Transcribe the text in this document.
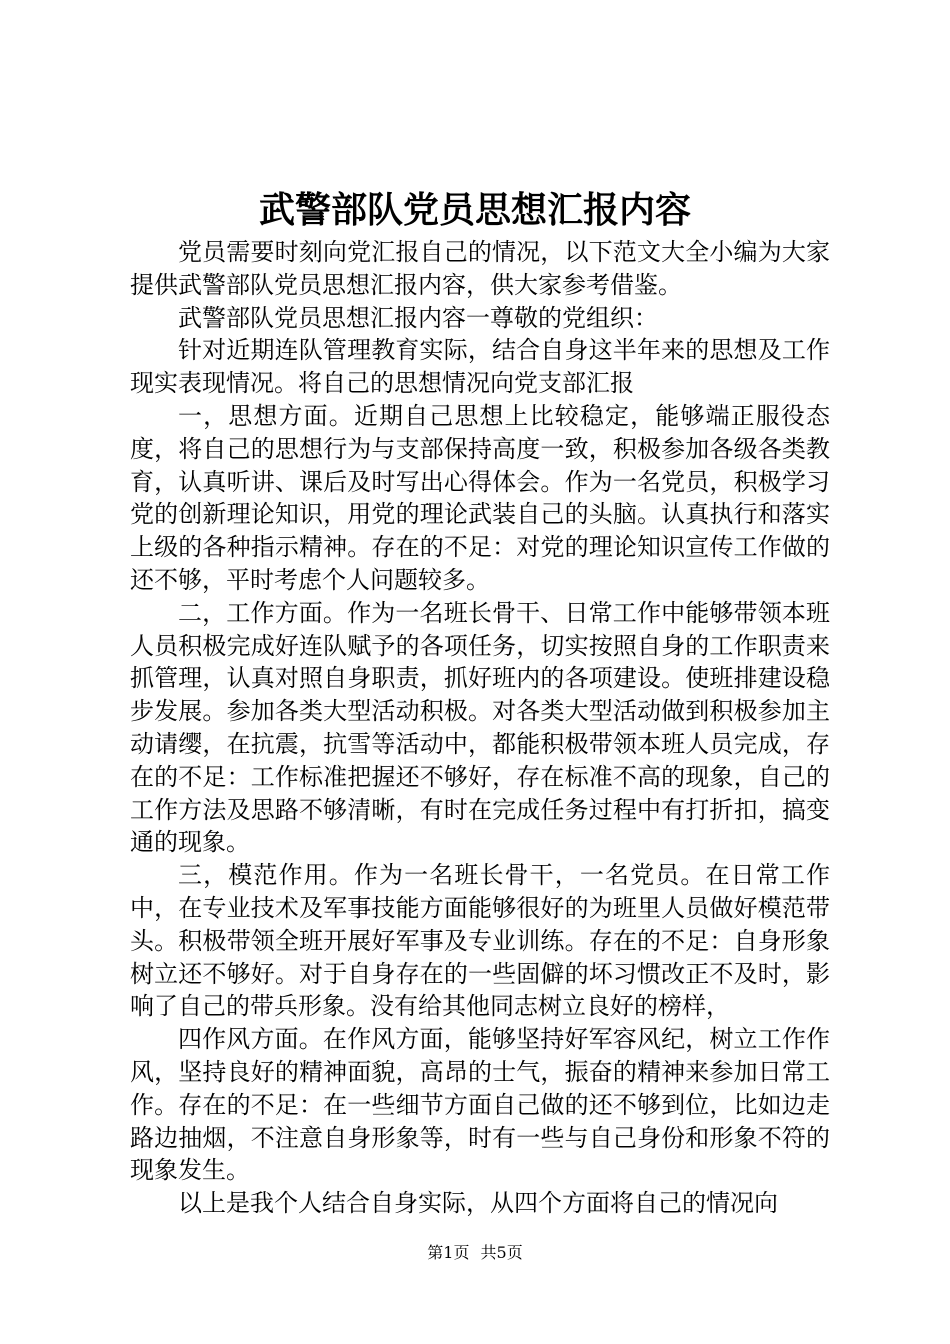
武警部队党员思想汇报内容

党员需要时刻向党汇报自己的情况，以下范文大全小编为大家提供武警部队党员思想汇报内容，供大家参考借鉴。

武警部队党员思想汇报内容一尊敬的党组织：

针对近期连队管理教育实际，结合自身这半年来的思想及工作现实表现情况。将自己的思想情况向党支部汇报

一，思想方面。近期自己思想上比较稳定，能够端正服役态度，将自己的思想行为与支部保持高度一致，积极参加各级各类教育，认真听讲、课后及时写出心得体会。作为一名党员，积极学习党的创新理论知识，用党的理论武装自己的头脑。认真执行和落实上级的各种指示精神。存在的不足：对党的理论知识宣传工作做的还不够，平时考虑个人问题较多。

二，工作方面。作为一名班长骨干、日常工作中能够带领本班人员积极完成好连队赋予的各项任务，切实按照自身的工作职责来抓管理，认真对照自身职责，抓好班内的各项建设。使班排建设稳步发展。参加各类大型活动积极。对各类大型活动做到积极参加主动请缨，在抗震，抗雪等活动中，都能积极带领本班人员完成，存在的不足：工作标准把握还不够好，存在标准不高的现象，自己的工作方法及思路不够清晰，有时在完成任务过程中有打折扣，搞变通的现象。

三，模范作用。作为一名班长骨干，一名党员。在日常工作中，在专业技术及军事技能方面能够很好的为班里人员做好模范带头。积极带领全班开展好军事及专业训练。存在的不足：自身形象树立还不够好。对于自身存在的一些固僻的坏习惯改正不及时，影响了自己的带兵形象。没有给其他同志树立良好的榜样，

四作风方面。在作风方面，能够坚持好军容风纪，树立工作作风，坚持良好的精神面貌，高昂的士气，振奋的精神来参加日常工作。存在的不足：在一些细节方面自己做的还不够到位，比如边走路边抽烟，不注意自身形象等，时有一些与自己身份和形象不符的现象发生。

以上是我个人结合自身实际，从四个方面将自己的情况向

第1页 共5页
